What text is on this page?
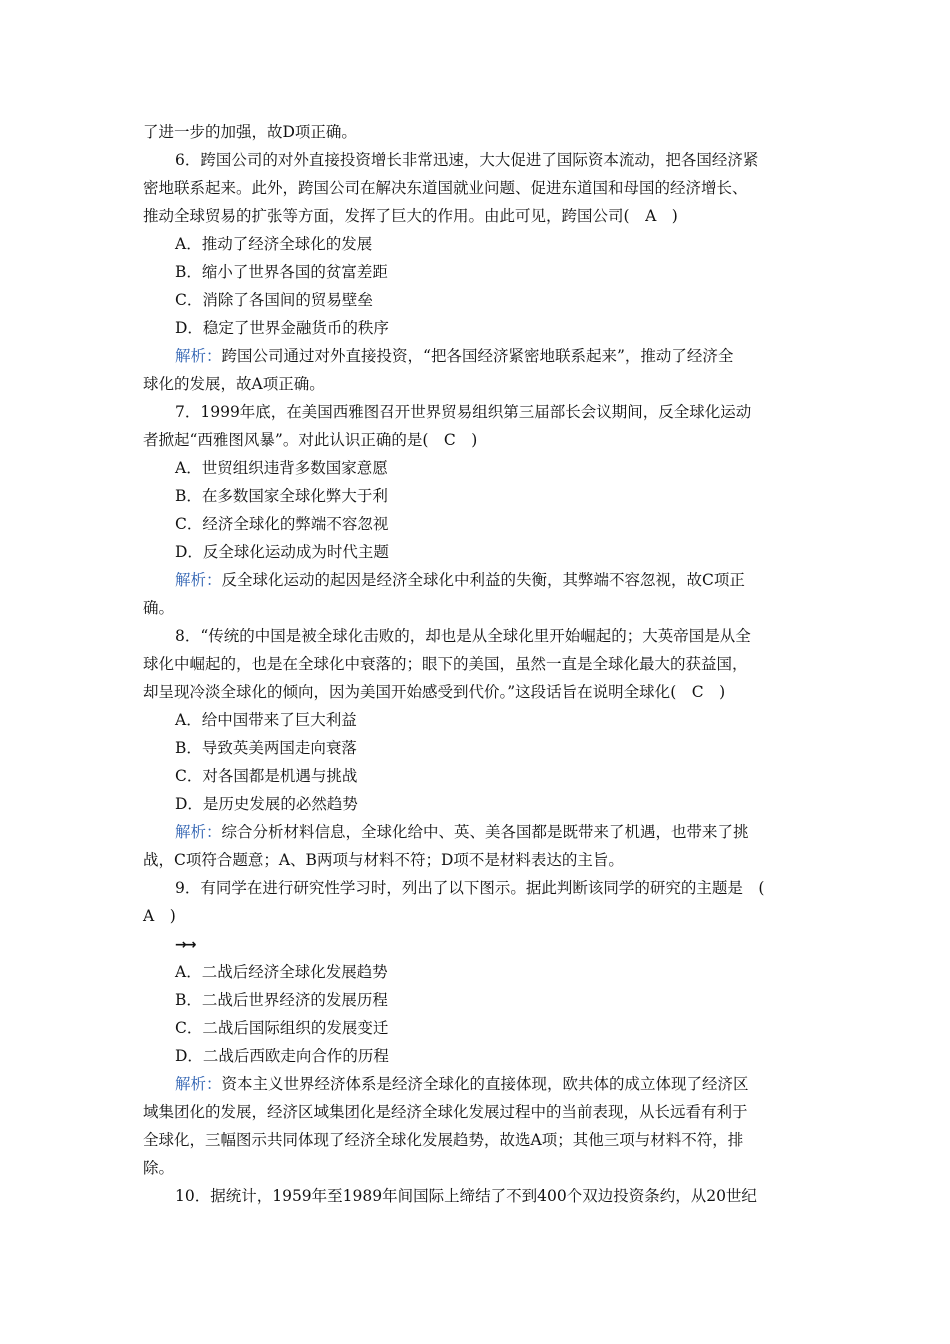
了进一步的加强，故D项正确。
6．跨国公司的对外直接投资增长非常迅速，大大促进了国际资本流动，把各国经济紧
密地联系起来。此外，跨国公司在解决东道国就业问题、促进东道国和母国的经济增长、
推动全球贸易的扩张等方面，发挥了巨大的作用。由此可见，跨国公司(　A　)
A．推动了经济全球化的发展
B．缩小了世界各国的贫富差距
C．消除了各国间的贸易壁垒
D．稳定了世界金融货币的秩序
解析：跨国公司通过对外直接投资，“把各国经济紧密地联系起来”，推动了经济全
球化的发展，故A项正确。
7．1999年底，在美国西雅图召开世界贸易组织第三届部长会议期间，反全球化运动
者掀起“西雅图风暴”。对此认识正确的是(　C　)
A．世贸组织违背多数国家意愿
B．在多数国家全球化弊大于利
C．经济全球化的弊端不容忽视
D．反全球化运动成为时代主题
解析：反全球化运动的起因是经济全球化中利益的失衡，其弊端不容忽视，故C项正
确。
8．“传统的中国是被全球化击败的，却也是从全球化里开始崛起的；大英帝国是从全
球化中崛起的，也是在全球化中衰落的；眼下的美国，虽然一直是全球化最大的获益国，
却呈现冷淡全球化的倾向，因为美国开始感受到代价。”这段话旨在说明全球化(　C　)
A．给中国带来了巨大利益
B．导致英美两国走向衰落
C．对各国都是机遇与挑战
D．是历史发展的必然趋势
解析：综合分析材料信息，全球化给中、英、美各国都是既带来了机遇，也带来了挑
战，C项符合题意；A、B两项与材料不符；D项不是材料表达的主旨。
9．有同学在进行研究性学习时，列出了以下图示。据此判断该同学的研究的主题是　(
A　)
→→
A．二战后经济全球化发展趋势
B．二战后世界经济的发展历程
C．二战后国际组织的发展变迁
D．二战后西欧走向合作的历程
解析：资本主义世界经济体系是经济全球化的直接体现，欧共体的成立体现了经济区
域集团化的发展，经济区域集团化是经济全球化发展过程中的当前表现，从长远看有利于
全球化，三幅图示共同体现了经济全球化发展趋势，故选A项；其他三项与材料不符，排
除。
10．据统计，1959年至1989年间国际上缔结了不到400个双边投资条约，从20世纪
